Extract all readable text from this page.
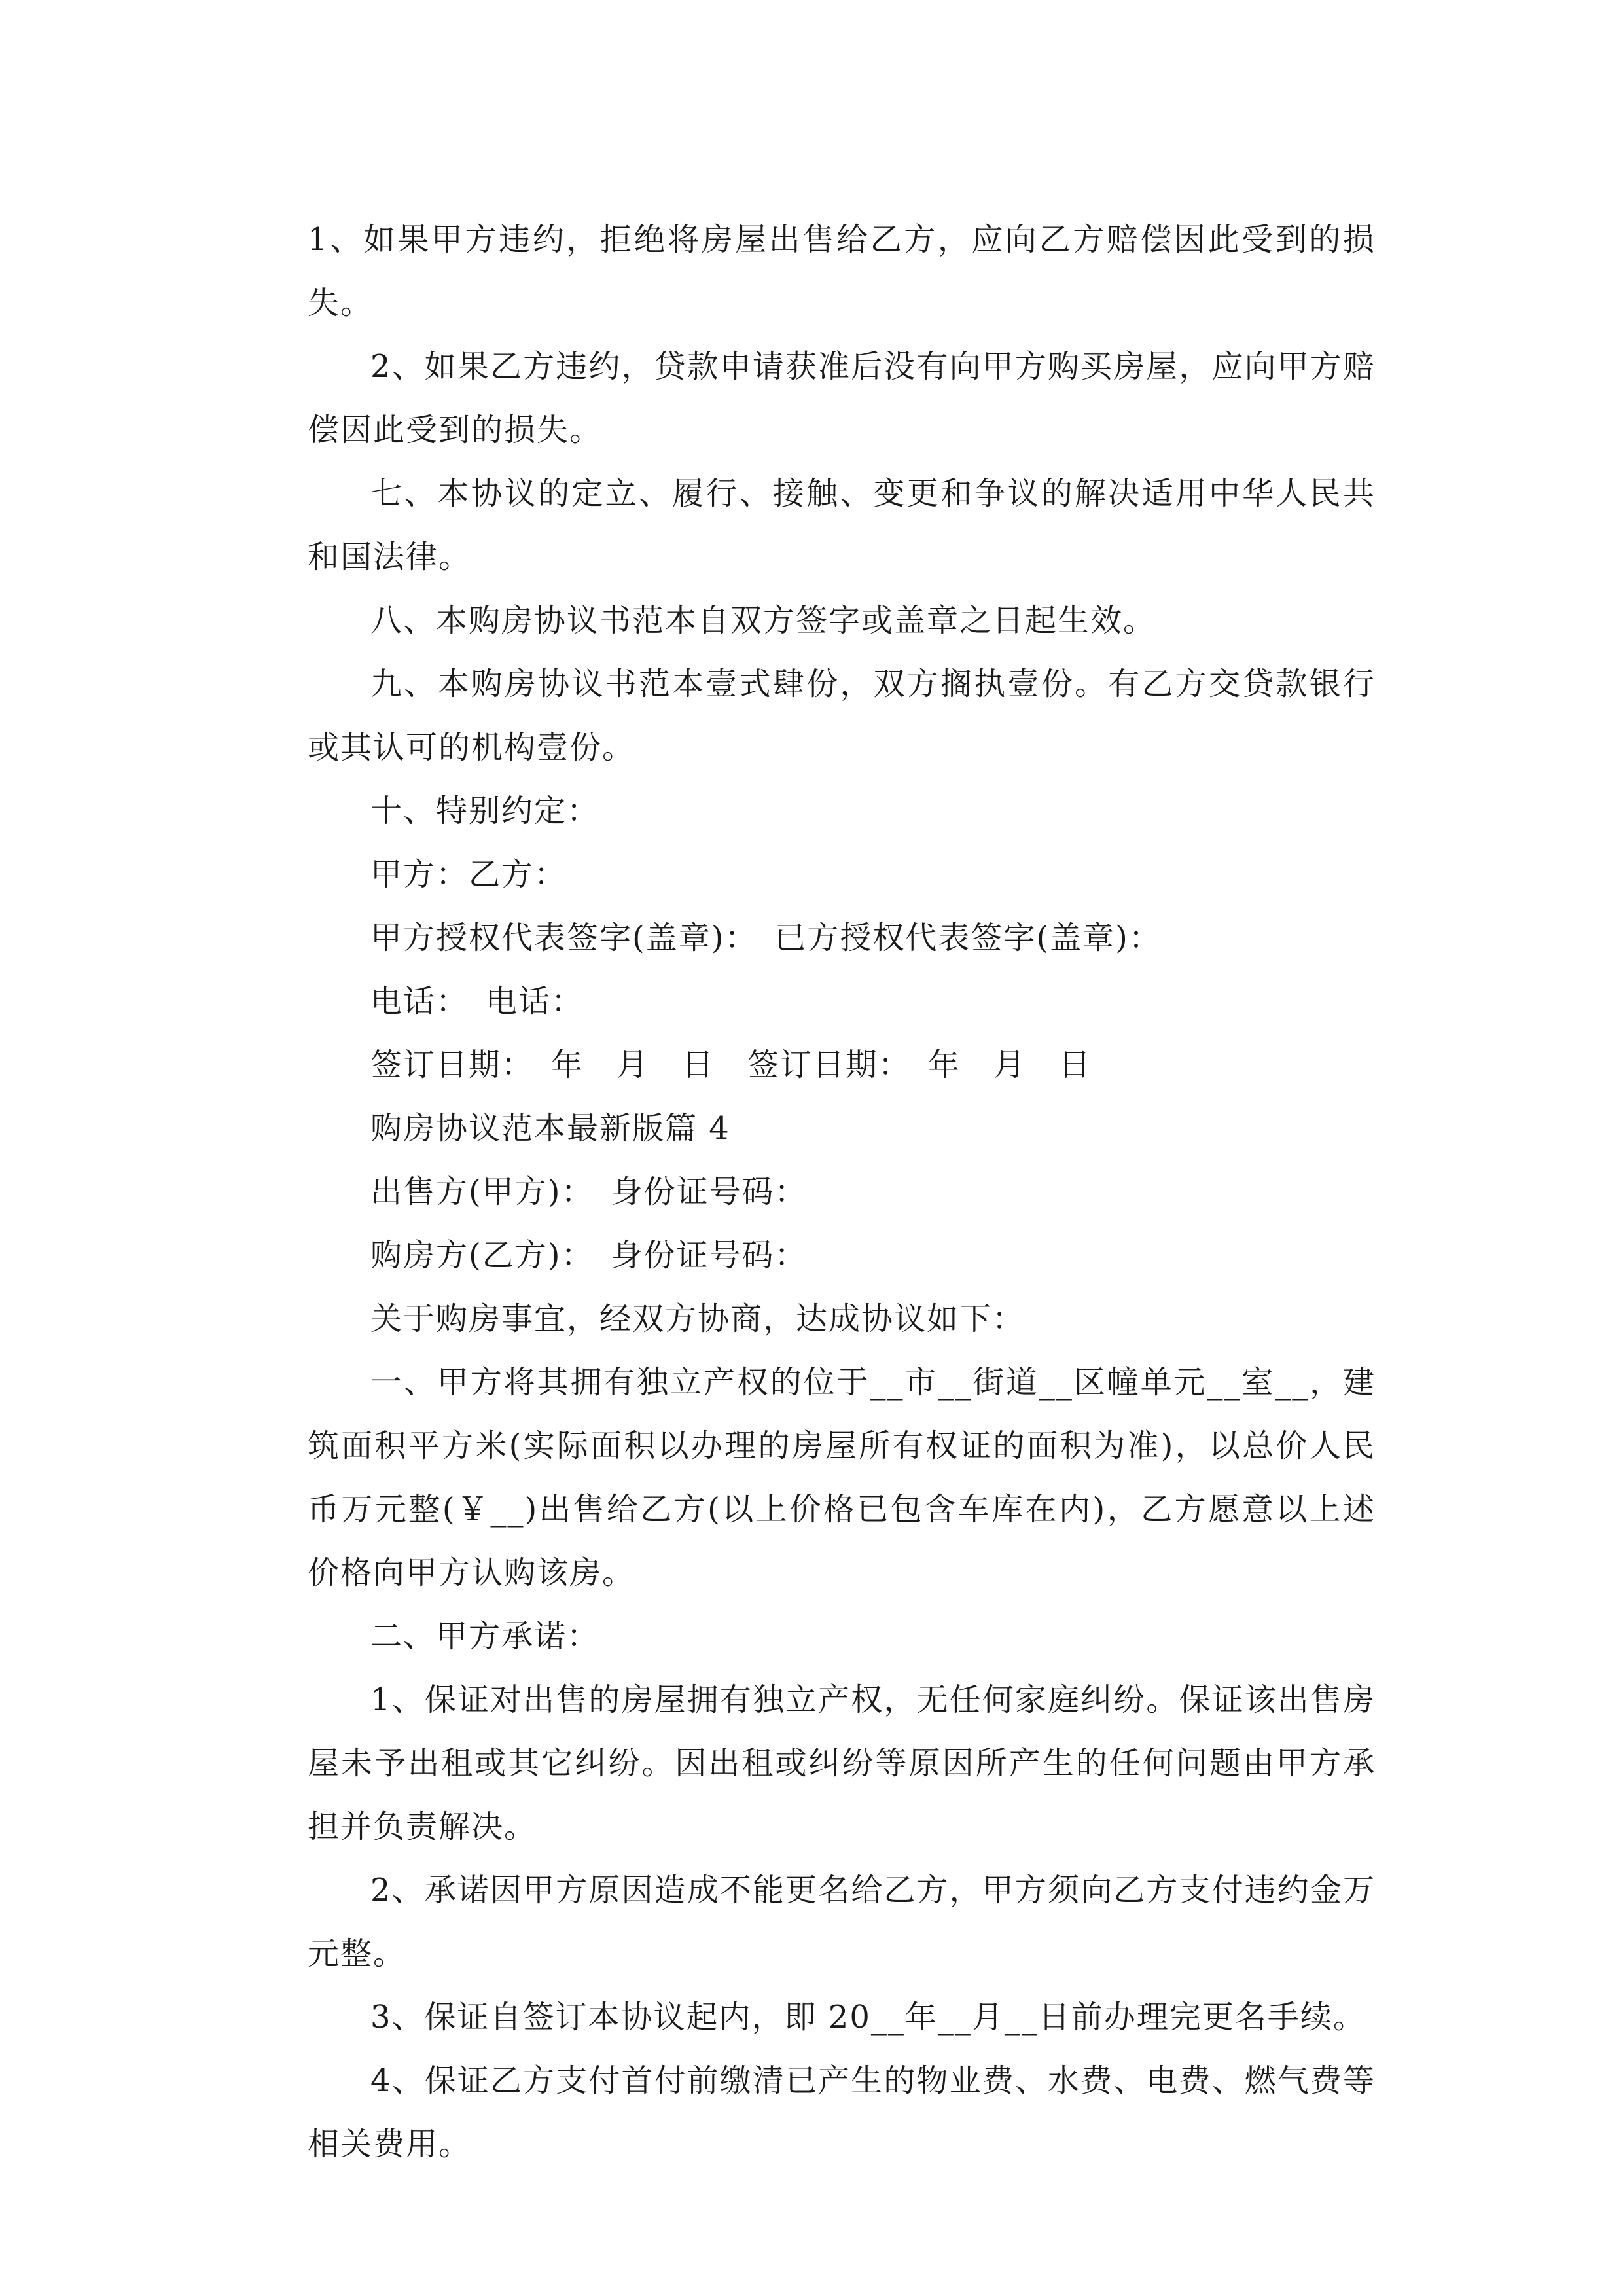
1、如果甲方违约，拒绝将房屋出售给乙方，应向乙方赔偿因此受到的损失。

2、如果乙方违约，贷款申请获准后没有向甲方购买房屋，应向甲方赔偿因此受到的损失。

七、本协议的定立、履行、接触、变更和争议的解决适用中华人民共和国法律。

八、本购房协议书范本自双方签字或盖章之日起生效。

九、本购房协议书范本壹式肆份，双方搁执壹份。有乙方交贷款银行或其认可的机构壹份。

十、特别约定：

甲方：乙方：

甲方授权代表签字(盖章)：　已方授权代表签字(盖章)：

电话：　电话：

签订日期：　年　月　日　签订日期：　年　月　日

购房协议范本最新版篇 4

出售方(甲方)：　身份证号码：

购房方(乙方)：　身份证号码：

关于购房事宜，经双方协商，达成协议如下：

一、甲方将其拥有独立产权的位于__市__街道__区幢单元__室__，建筑面积平方米(实际面积以办理的房屋所有权证的面积为准)，以总价人民币万元整(￥__)出售给乙方(以上价格已包含车库在内)，乙方愿意以上述价格向甲方认购该房。

二、甲方承诺：

1、保证对出售的房屋拥有独立产权，无任何家庭纠纷。保证该出售房屋未予出租或其它纠纷。因出租或纠纷等原因所产生的任何问题由甲方承担并负责解决。

2、承诺因甲方原因造成不能更名给乙方，甲方须向乙方支付违约金万元整。

3、保证自签订本协议起内，即 20__年__月__日前办理完更名手续。

4、保证乙方支付首付前缴清已产生的物业费、水费、电费、燃气费等相关费用。
